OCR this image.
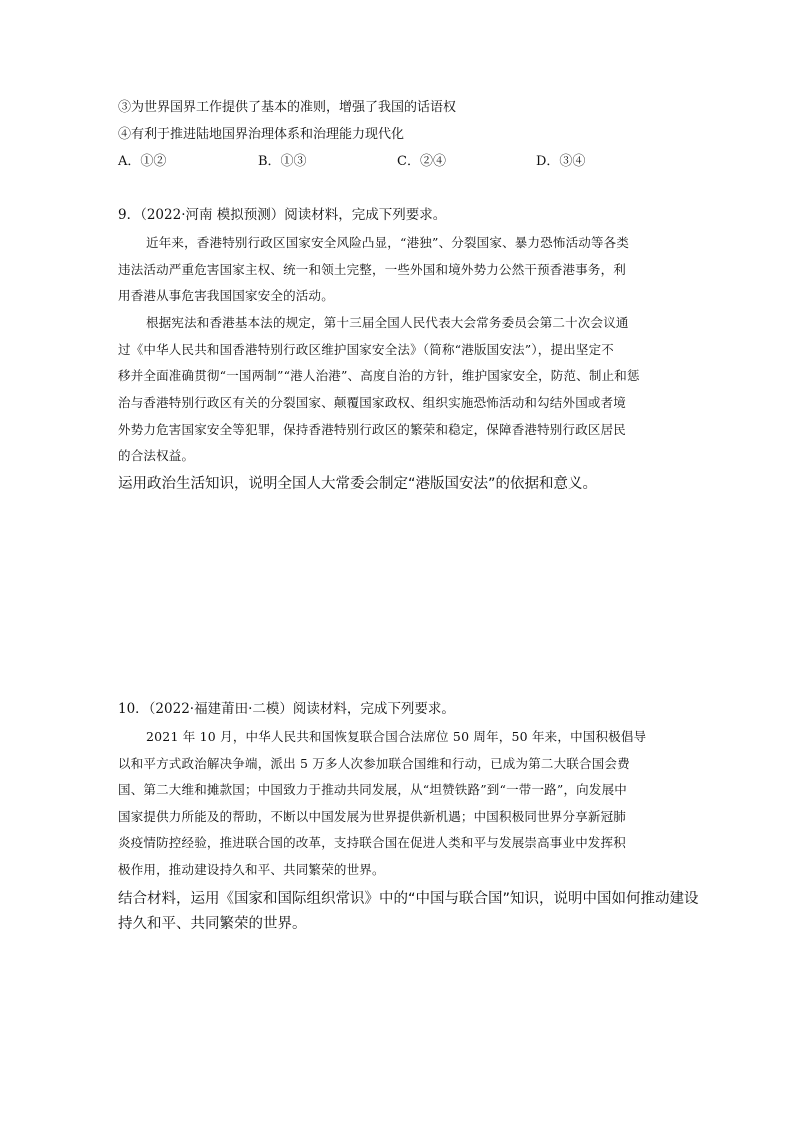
③为世界国界工作提供了基本的准则，增强了我国的话语权
④有利于推进陆地国界治理体系和治理能力现代化
A．①②	B．①③	C．②④	D．③④
9．（2022·河南 模拟预测）阅读材料，完成下列要求。
近年来，香港特别行政区国家安全风险凸显，“港独”、分裂国家、暴力恐怖活动等各类
违法活动严重危害国家主权、统一和领土完整，一些外国和境外势力公然干预香港事务，利
用香港从事危害我国国家安全的活动。
根据宪法和香港基本法的规定，第十三届全国人民代表大会常务委员会第二十次会议通
过《中华人民共和国香港特别行政区维护国家安全法》（简称“港版国安法”），提出坚定不
移并全面准确贯彻“一国两制”“港人治港”、高度自治的方针，维护国家安全，防范、制止和惩
治与香港特别行政区有关的分裂国家、颠覆国家政权、组织实施恐怖活动和勾结外国或者境
外势力危害国家安全等犯罪，保持香港特别行政区的繁荣和稳定，保障香港特别行政区居民
的合法权益。
运用政治生活知识，说明全国人大常委会制定“港版国安法”的依据和意义。
10．（2022·福建莆田·二模）阅读材料，完成下列要求。
2021 年 10 月，中华人民共和国恢复联合国合法席位 50 周年，50 年来，中国积极倡导
以和平方式政治解决争端，派出 5 万多人次参加联合国维和行动，已成为第二大联合国会费
国、第二大维和摊款国；中国致力于推动共同发展，从“坦赞铁路”到“一带一路”，向发展中
国家提供力所能及的帮助，不断以中国发展为世界提供新机遇；中国积极同世界分享新冠肺
炎疫情防控经验，推进联合国的改革，支持联合国在促进人类和平与发展崇高事业中发挥积
极作用，推动建设持久和平、共同繁荣的世界。
结合材料，运用《国家和国际组织常识》中的“中国与联合国”知识，说明中国如何推动建设
持久和平、共同繁荣的世界。
